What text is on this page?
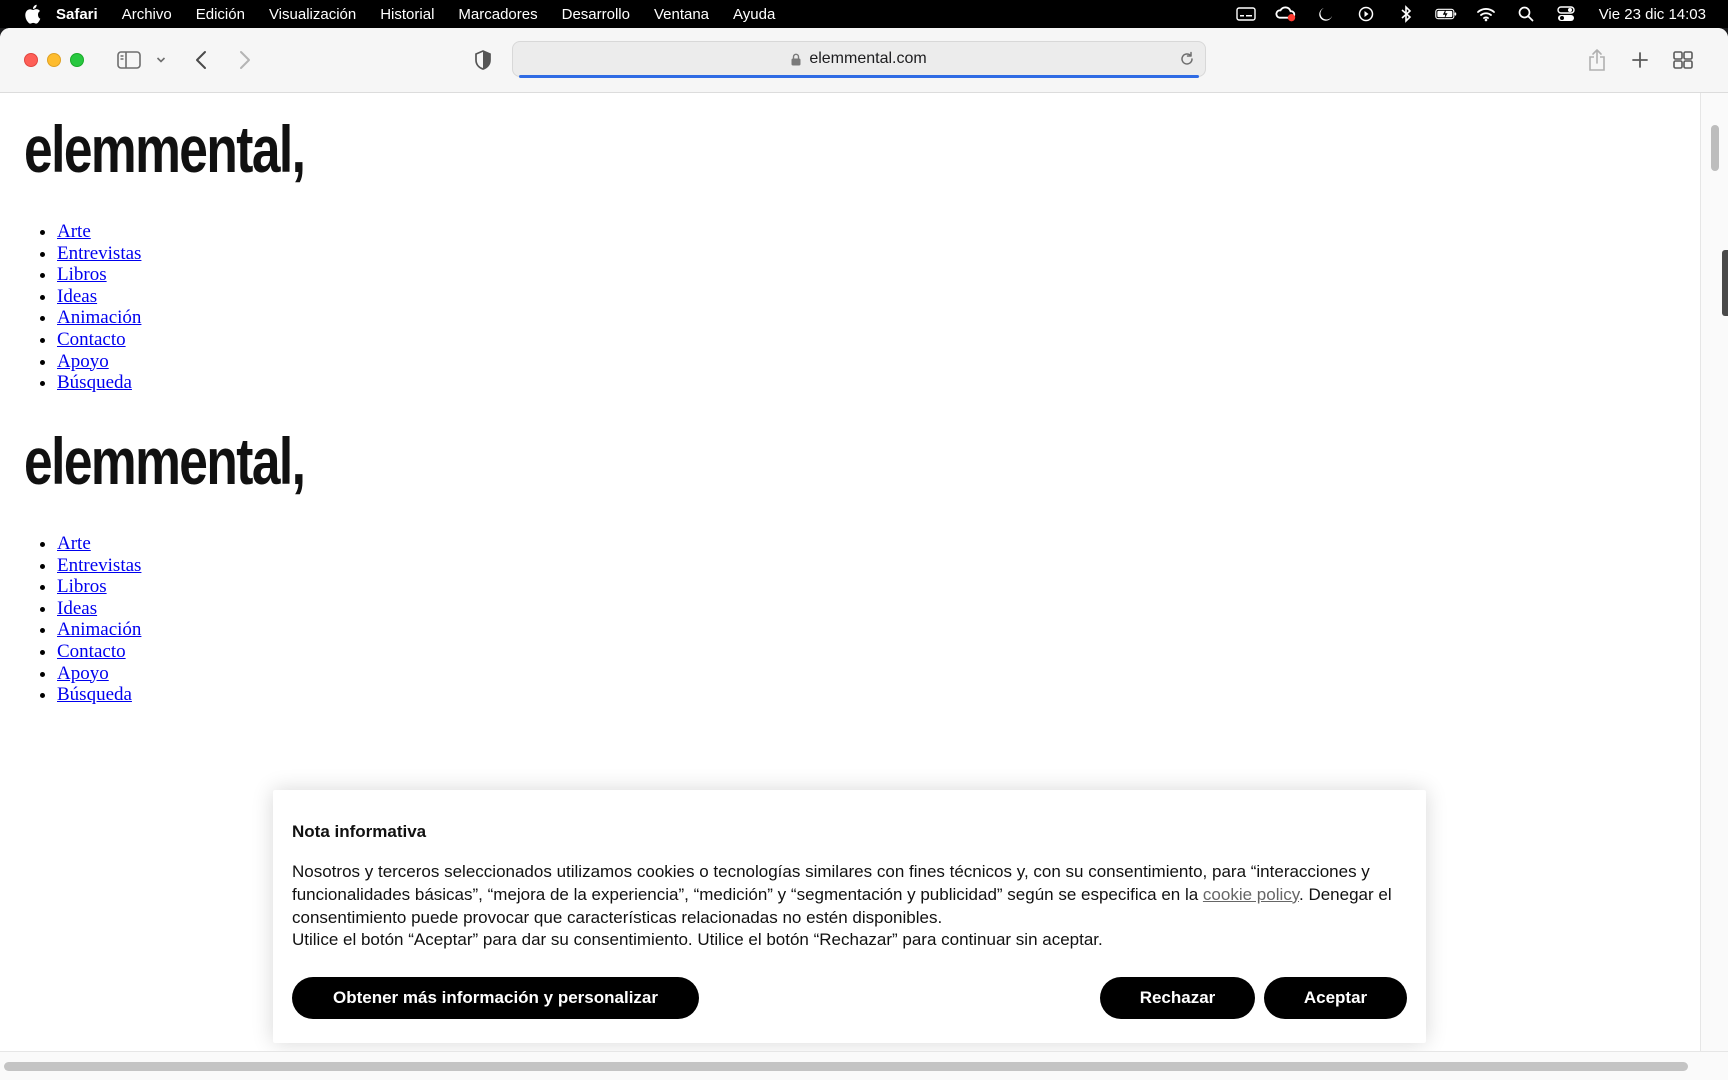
Safari Archivo Edición Visualización Historial Marcadores Desarrollo Ventana Ayuda	Vie 23 dic 14:03
elemmental.com
elemmental,
• Arte
• Entrevistas
• Libros
• Ideas
• Animación
• Contacto
• Apoyo
• Búsqueda
elemmental,
• Arte
• Entrevistas
• Libros
• Ideas
• Animación
• Contacto
• Apoyo
• Búsqueda
Nota informativa
Nosotros y terceros seleccionados utilizamos cookies o tecnologías similares con fines técnicos y, con su consentimiento, para “interacciones y funcionalidades básicas”, “mejora de la experiencia”, “medición” y “segmentación y publicidad” según se especifica en la cookie policy. Denegar el consentimiento puede provocar que características relacionadas no estén disponibles.
Utilice el botón “Aceptar” para dar su consentimiento. Utilice el botón “Rechazar” para continuar sin aceptar.
Obtener más información y personalizar	Rechazar	Aceptar
